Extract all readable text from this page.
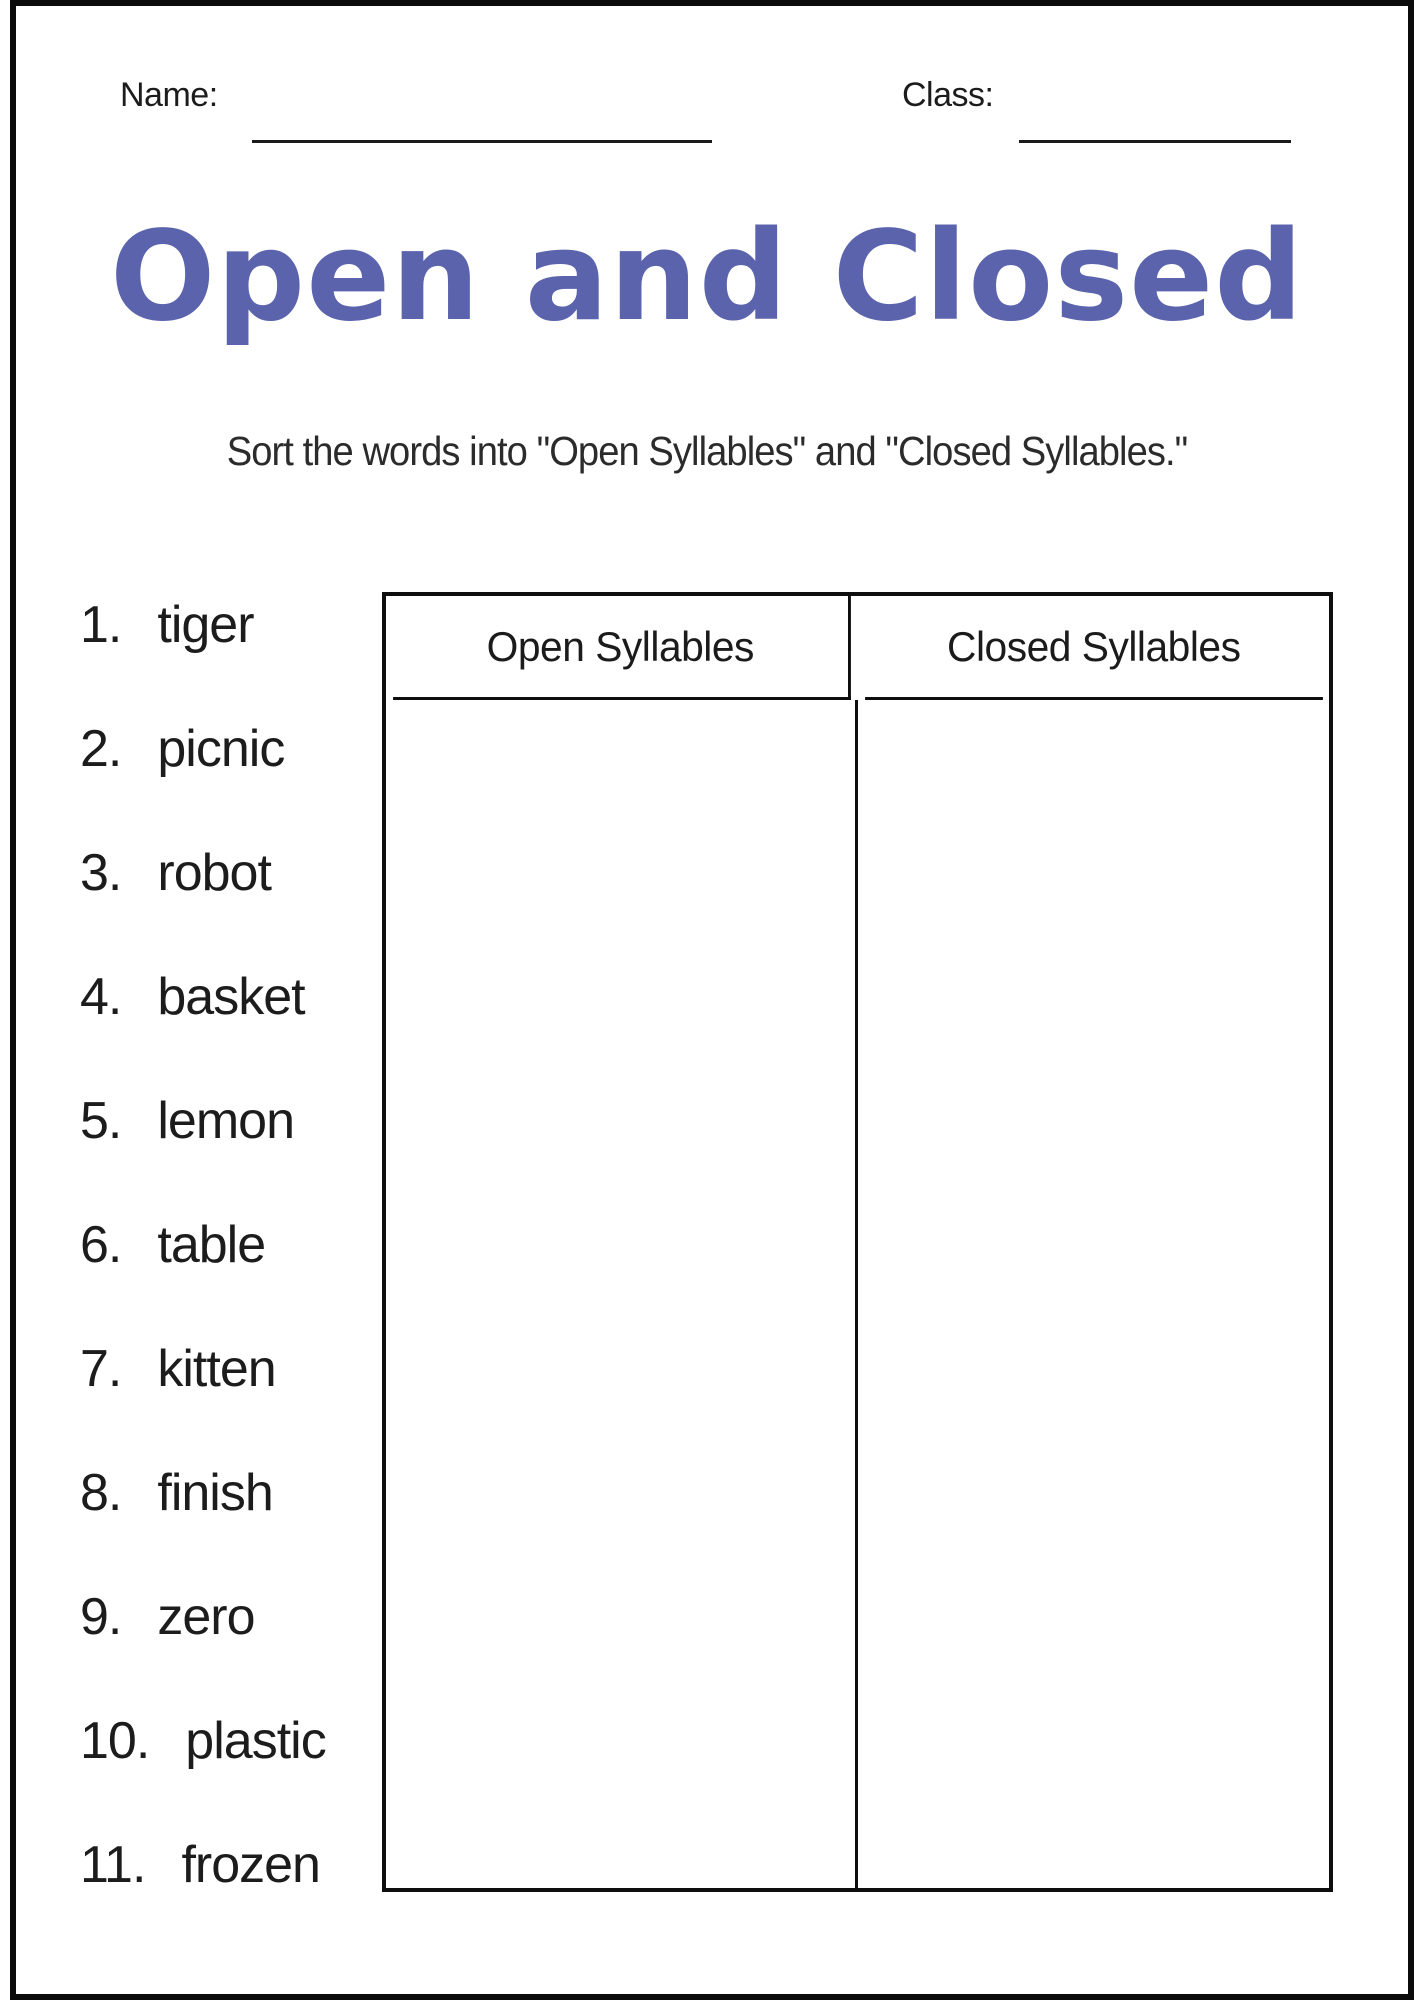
Name:	Class:
Open and Closed
Sort the words into "Open Syllables" and "Closed Syllables."
1. tiger
2. picnic
3. robot
4. basket
5. lemon
6. table
7. kitten
8. finish
9. zero
10. plastic
11. frozen
Open Syllables	Closed Syllables
